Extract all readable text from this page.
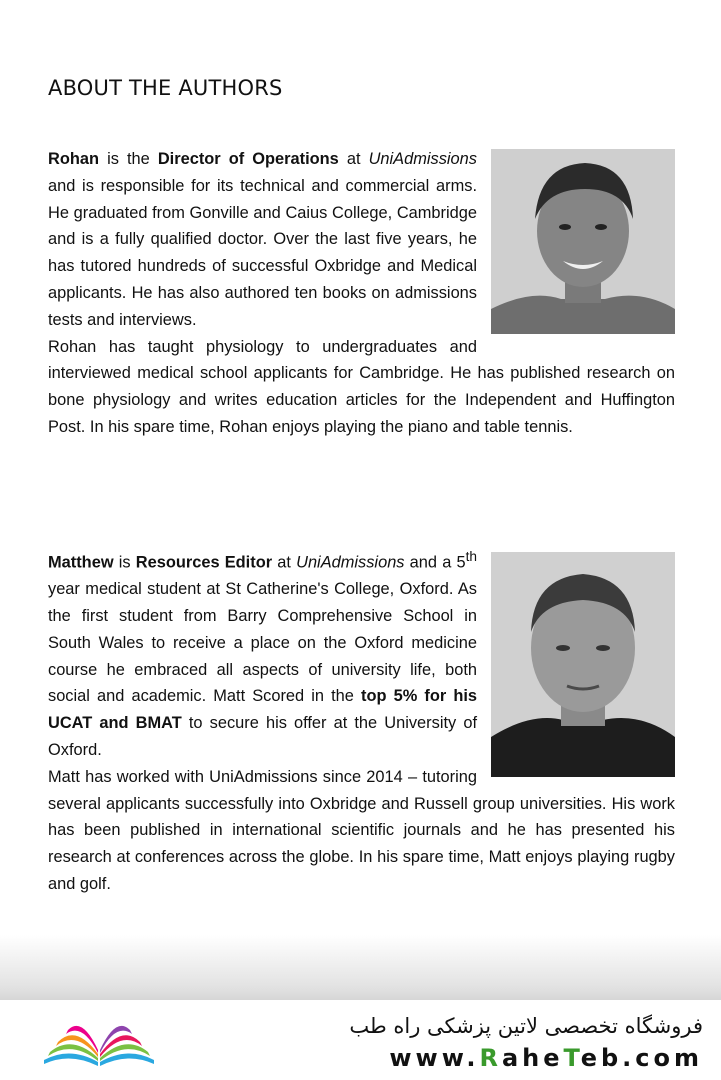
ABOUT THE AUTHORS
Rohan is the Director of Operations at UniAdmissions and is responsible for its technical and commercial arms. He graduated from Gonville and Caius College, Cambridge and is a fully qualified doctor. Over the last five years, he has tutored hundreds of successful Oxbridge and Medical applicants. He has also authored ten books on admissions tests and interviews.
Rohan has taught physiology to undergraduates and interviewed medical school applicants for Cambridge. He has published research on bone physiology and writes education articles for the Independent and Huffington Post. In his spare time, Rohan enjoys playing the piano and table tennis.
Matthew is Resources Editor at UniAdmissions and a 5th year medical student at St Catherine's College, Oxford. As the first student from Barry Comprehensive School in South Wales to receive a place on the Oxford medicine course he embraced all aspects of university life, both social and academic. Matt Scored in the top 5% for his UCAT and BMAT to secure his offer at the University of Oxford.
Matt has worked with UniAdmissions since 2014 – tutoring several applicants successfully into Oxbridge and Russell group universities. His work has been published in international scientific journals and he has presented his research at conferences across the globe. In his spare time, Matt enjoys playing rugby and golf.

فروشگاه تخصصی لاتین پزشکی راه طب

www.RaheTeb.com
